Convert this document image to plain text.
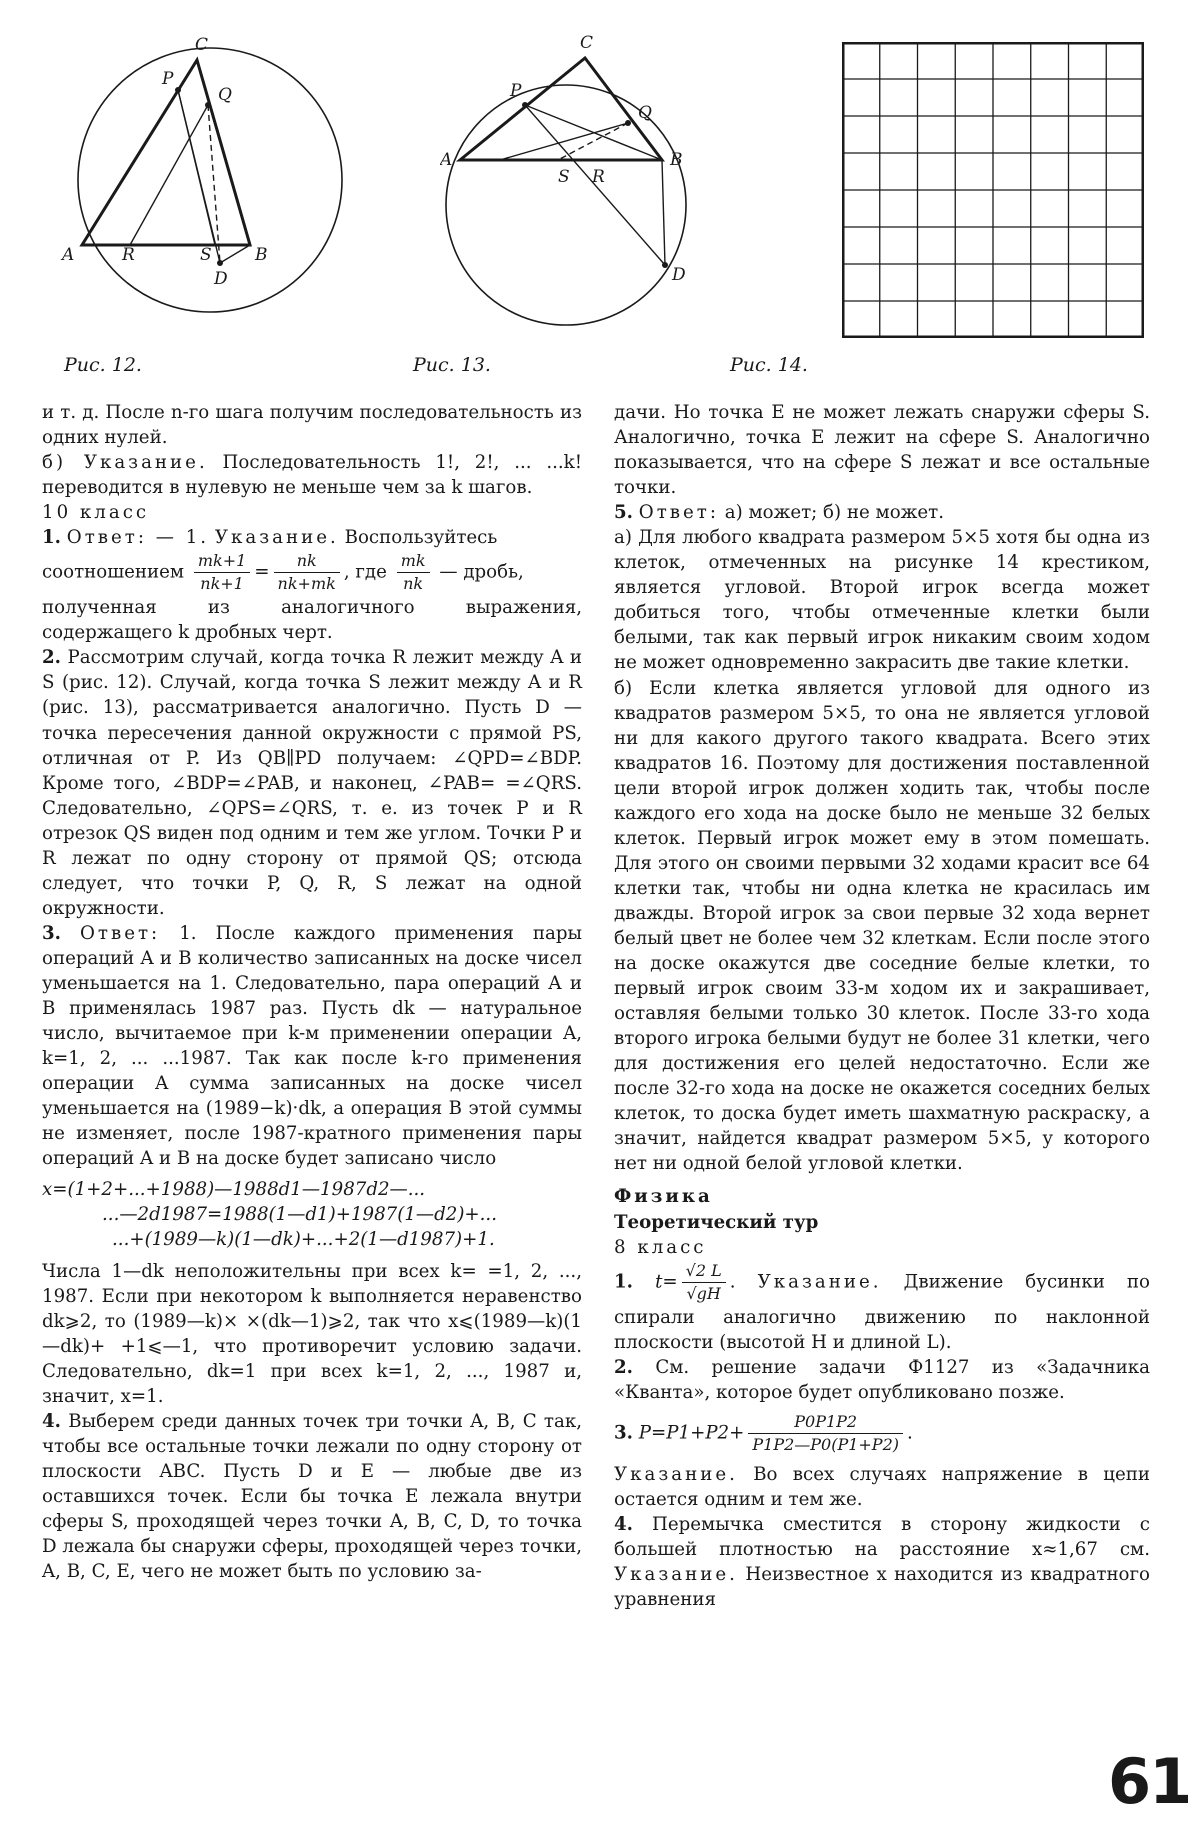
C
P
Q
A	R	S	B
D
C
P
Q
A
S R
B
D
Рис. 12.	Рис. 13.	Рис. 14.

и т. д. После n-го шага получим последовательность из одних нулей.

б) Указание. Последовательность 1!, 2!, ... ...k! переводится в нулевую не меньше чем за k шагов.

10 класс

1. Ответ: — 1. Указание. Воспользуйтесь

соотношением $\frac{mk+1}{nk+1} = \frac{nk}{nk+mk}$ , где $\frac{mk}{nk}$ — дробь,

полученная из аналогичного выражения, содержащего k дробных черт.

2. Рассмотрим случай, когда точка R лежит между A и S (рис. 12). Случай, когда точка S лежит между A и R (рис. 13), рассматривается аналогично. Пусть D — точка пересечения данной окружности с прямой PS, отличная от P. Из QB∥PD получаем: ∠QPD=∠BDP. Кроме того, ∠BDP=∠PAB, и наконец, ∠PAB= =∠QRS. Следовательно, ∠QPS=∠QRS, т. е. из точек P и R отрезок QS виден под одним и тем же углом. Точки P и R лежат по одну сторону от прямой QS; отсюда следует, что точки P, Q, R, S лежат на одной окружности.

3. Ответ: 1. После каждого применения пары операций A и B количество записанных на доске чисел уменьшается на 1. Следовательно, пара операций A и B применялась 1987 раз. Пусть dk — натуральное число, вычитаемое при k-м применении операции A, k=1, 2, ... ...1987. Так как после k-го применения операции A сумма записанных на доске чисел уменьшается на (1989−k)·dk, а операция B этой суммы не изменяет, после 1987-кратного применения пары операций A и B на доске будет записано число

x=(1+2+...+1988)—1988d1—1987d2—...

...—2d1987=1988(1—d1)+1987(1—d2)+...

...+(1989—k)(1—dk)+...+2(1—d1987)+1.

Числа 1—dk неположительны при всех k= =1, 2, ..., 1987. Если при некотором k выполняется неравенство dk⩾2, то (1989—k)× ×(dk—1)⩾2, так что x⩽(1989—k)(1—dk)+ +1⩽—1, что противоречит условию задачи. Следовательно, dk=1 при всех k=1, 2, ..., 1987 и, значит, x=1.

4. Выберем среди данных точек три точки A, B, C так, чтобы все остальные точки лежали по одну сторону от плоскости ABC. Пусть D и E — любые две из оставшихся точек. Если бы точка E лежала внутри сферы S, проходящей через точки A, B, C, D, то точка D лежала бы снаружи сферы, проходящей через точки, A, B, C, E, чего не может быть по условию за-

дачи. Но точка E не может лежать снаружи сферы S. Аналогично, точка E лежит на сфере S. Аналогично показывается, что на сфере S лежат и все остальные точки.

5. Ответ: а) может; б) не может.

а) Для любого квадрата размером 5×5 хотя бы одна из клеток, отмеченных на рисунке 14 крестиком, является угловой. Второй игрок всегда может добиться того, чтобы отмеченные клетки были белыми, так как первый игрок никаким своим ходом не может одновременно закрасить две такие клетки.

б) Если клетка является угловой для одного из квадратов размером 5×5, то она не является угловой ни для какого другого такого квадрата. Всего этих квадратов 16. Поэтому для достижения поставленной цели второй игрок должен ходить так, чтобы после каждого его хода на доске было не меньше 32 белых клеток. Первый игрок может ему в этом помешать. Для этого он своими первыми 32 ходами красит все 64 клетки так, чтобы ни одна клетка не красилась им дважды. Второй игрок за свои первые 32 хода вернет белый цвет не более чем 32 клеткам. Если после этого на доске окажутся две соседние белые клетки, то первый игрок своим 33-м ходом их и закрашивает, оставляя белыми только 30 клеток. После 33-го хода второго игрока белыми будут не более 31 клетки, чего для достижения его целей недостаточно. Если же после 32-го хода на доске не окажется соседних белых клеток, то доска будет иметь шахматную раскраску, а значит, найдется квадрат размером 5×5, у которого нет ни одной белой угловой клетки.

Физика

Теоретический тур

8 класс

1. $t= \frac{√2 L}{√gH}$ . Указание. Движение бусинки по спирали аналогично движению по наклонной плоскости (высотой H и длиной L).

2. См. решение задачи Ф1127 из «Задачника «Кванта», которое будет опубликовано позже.

3. $P=P1+P2+ \frac{P0P1P2}{P1P2—P0(P1+P2)}$ .

Указание. Во всех случаях напряжение в цепи остается одним и тем же.

4. Перемычка сместится в сторону жидкости с большей плотностью на расстояние x≈1,67 см. Указание. Неизвестное x находится из квадратного уравнения

61
